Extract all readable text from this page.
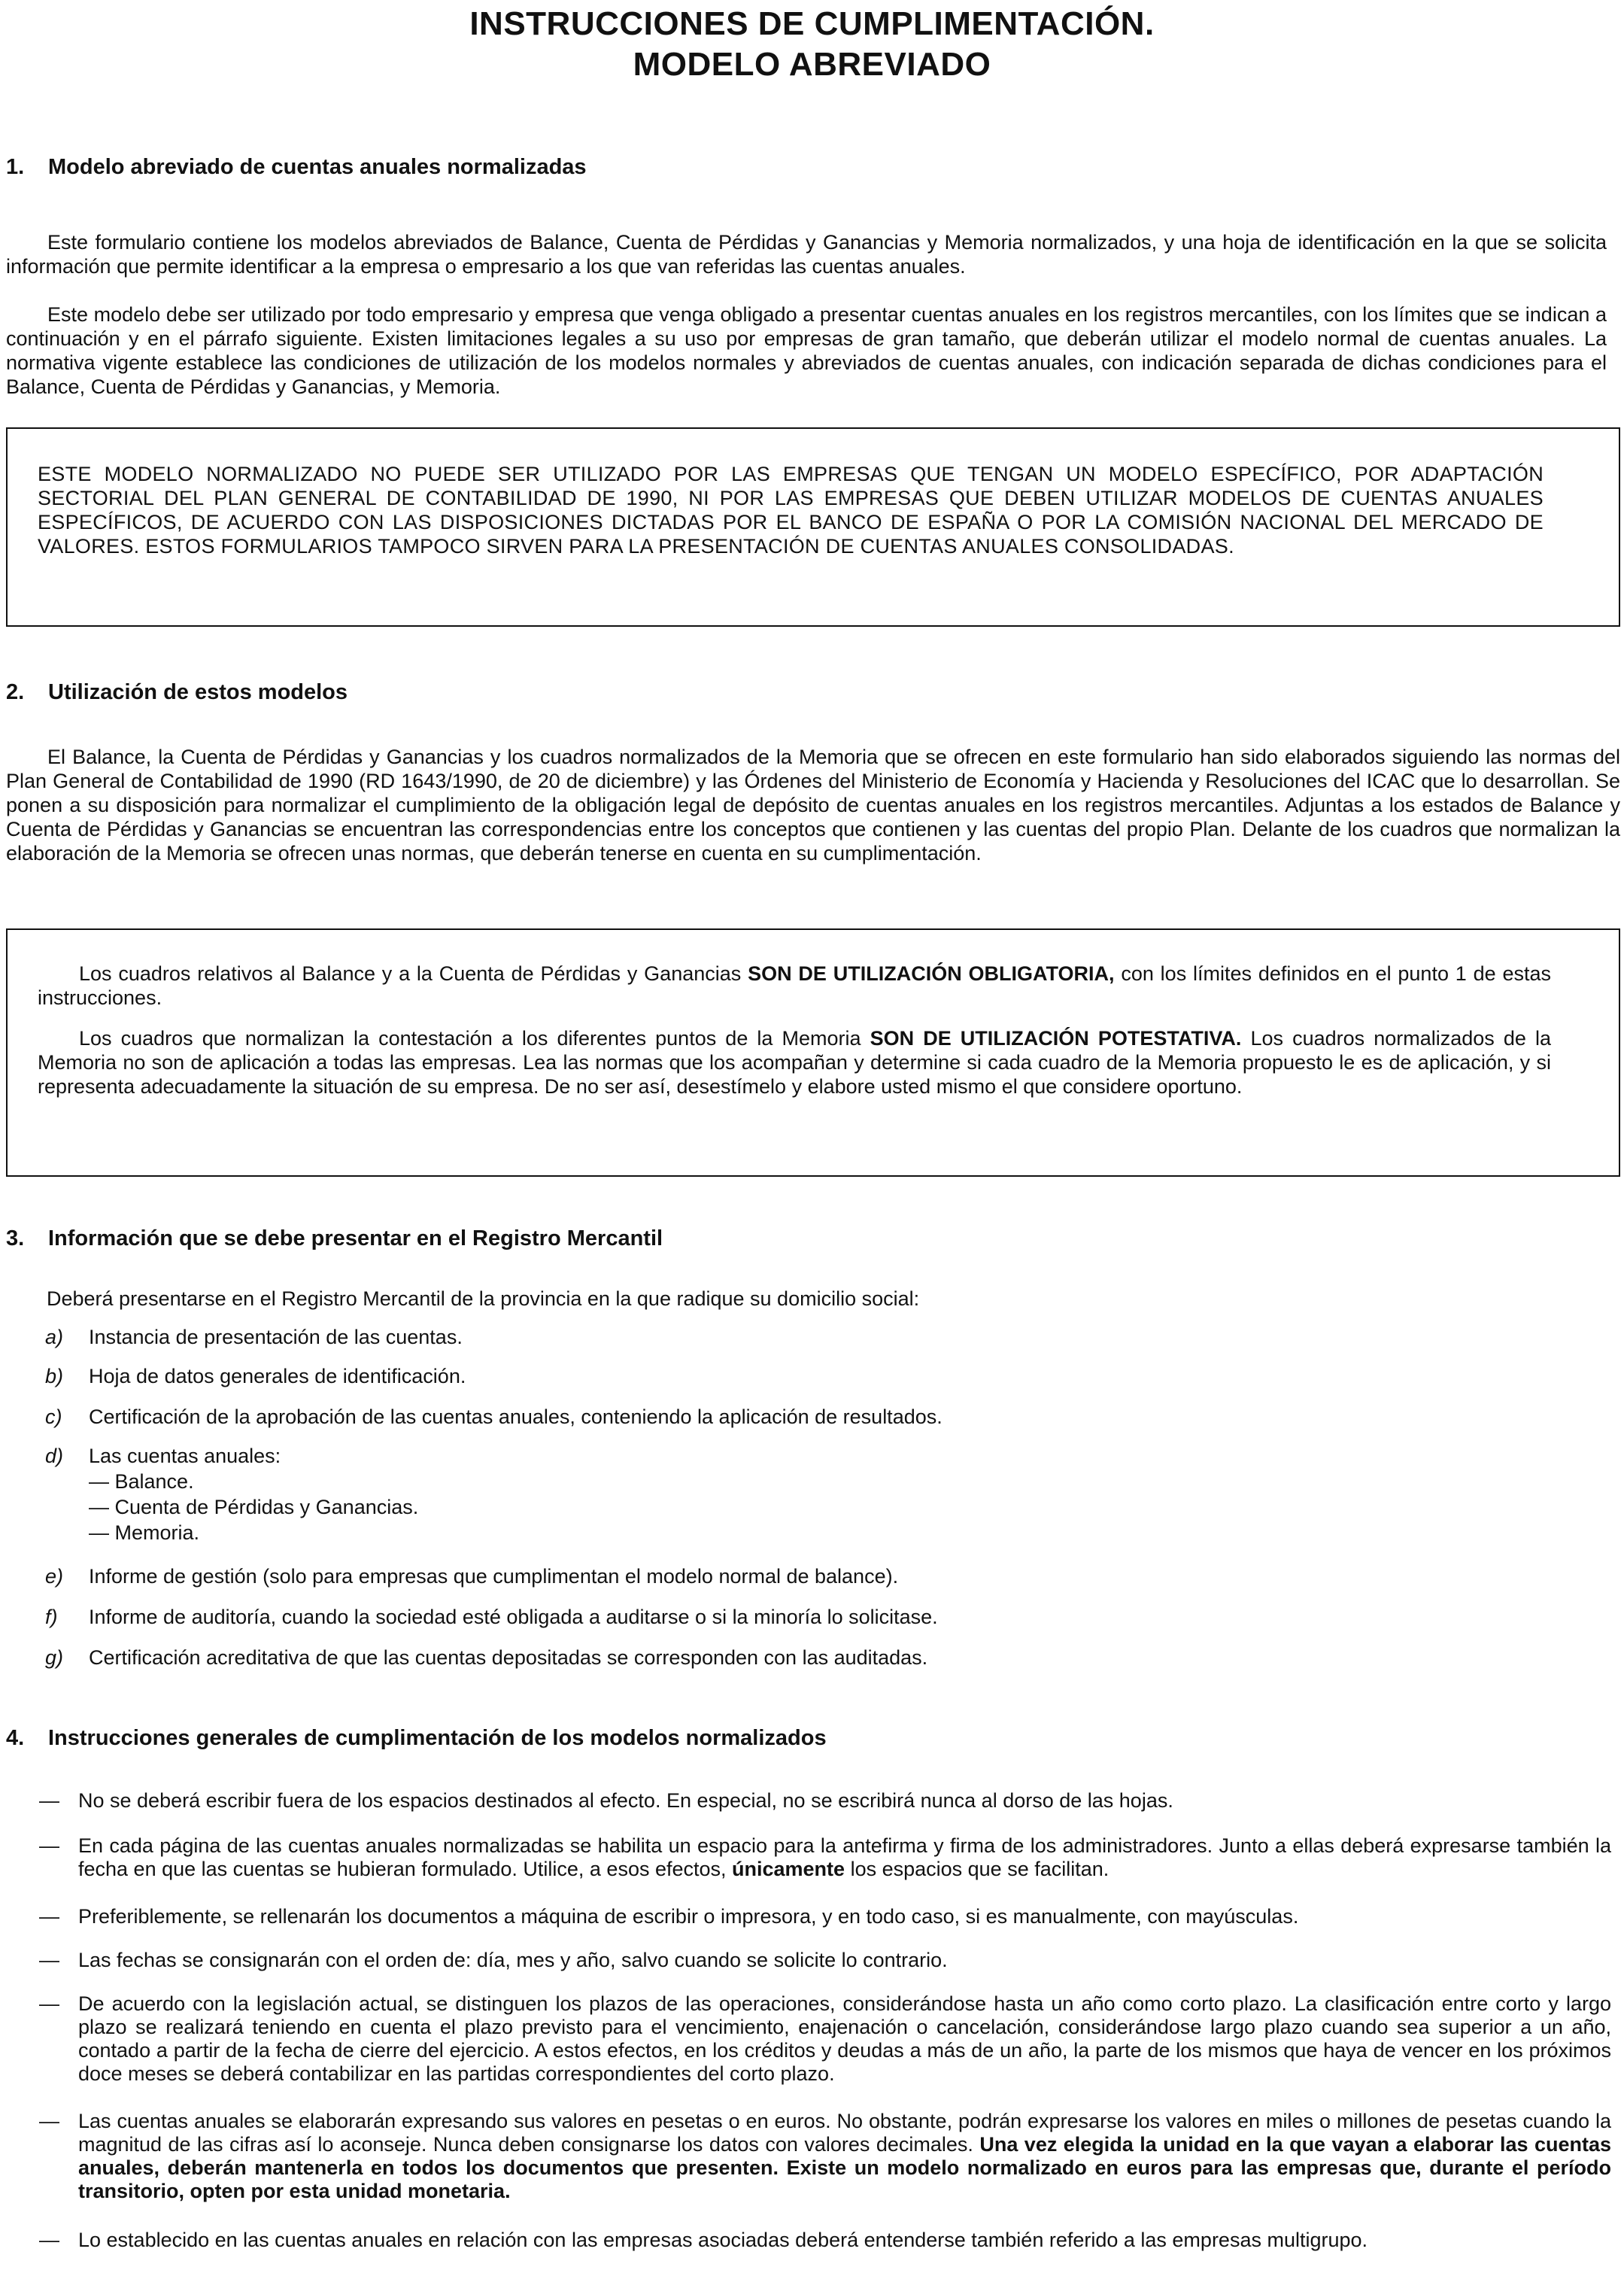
INSTRUCCIONES DE CUMPLIMENTACIÓN.
MODELO ABREVIADO
1. Modelo abreviado de cuentas anuales normalizadas

Este formulario contiene los modelos abreviados de Balance, Cuenta de Pérdidas y Ganancias y Memoria normalizados, y una hoja de identificación en la que se solicita información que permite identificar a la empresa o empresario a los que van referidas las cuentas anuales.

Este modelo debe ser utilizado por todo empresario y empresa que venga obligado a presentar cuentas anuales en los registros mercantiles, con los límites que se indican a continuación y en el párrafo siguiente. Existen limitaciones legales a su uso por empresas de gran tamaño, que deberán utilizar el modelo normal de cuentas anuales. La normativa vigente establece las condiciones de utilización de los modelos normales y abreviados de cuentas anuales, con indicación separada de dichas condiciones para el Balance, Cuenta de Pérdidas y Ganancias, y Memoria.

ESTE MODELO NORMALIZADO NO PUEDE SER UTILIZADO POR LAS EMPRESAS QUE TENGAN UN MODELO ESPECÍFICO, POR ADAPTACIÓN SECTORIAL DEL PLAN GENERAL DE CONTABILIDAD DE 1990, NI POR LAS EMPRESAS QUE DEBEN UTILIZAR MODELOS DE CUENTAS ANUALES ESPECÍFICOS, DE ACUERDO CON LAS DISPOSICIONES DICTADAS POR EL BANCO DE ESPAÑA O POR LA COMISIÓN NACIONAL DEL MERCADO DE VALORES. ESTOS FORMULARIOS TAMPOCO SIRVEN PARA LA PRESENTACIÓN DE CUENTAS ANUALES CONSOLIDADAS.
2. Utilización de estos modelos

El Balance, la Cuenta de Pérdidas y Ganancias y los cuadros normalizados de la Memoria que se ofrecen en este formulario han sido elaborados siguiendo las normas del Plan General de Contabilidad de 1990 (RD 1643/1990, de 20 de diciembre) y las Órdenes del Ministerio de Economía y Hacienda y Resoluciones del ICAC que lo desarrollan. Se ponen a su disposición para normalizar el cumplimiento de la obligación legal de depósito de cuentas anuales en los registros mercantiles. Adjuntas a los estados de Balance y Cuenta de Pérdidas y Ganancias se encuentran las correspondencias entre los conceptos que contienen y las cuentas del propio Plan. Delante de los cuadros que normalizan la elaboración de la Memoria se ofrecen unas normas, que deberán tenerse en cuenta en su cumplimentación.

Los cuadros relativos al Balance y a la Cuenta de Pérdidas y Ganancias SON DE UTILIZACIÓN OBLIGATORIA, con los límites definidos en el punto 1 de estas instrucciones.
Los cuadros que normalizan la contestación a los diferentes puntos de la Memoria SON DE UTILIZACIÓN POTESTATIVA. Los cuadros normalizados de la Memoria no son de aplicación a todas las empresas. Lea las normas que los acompañan y determine si cada cuadro de la Memoria propuesto le es de aplicación, y si representa adecuadamente la situación de su empresa. De no ser así, desestímelo y elabore usted mismo el que considere oportuno.
3. Información que se debe presentar en el Registro Mercantil
Deberá presentarse en el Registro Mercantil de la provincia en la que radique su domicilio social:
a) Instancia de presentación de las cuentas.
b) Hoja de datos generales de identificación.
c) Certificación de la aprobación de las cuentas anuales, conteniendo la aplicación de resultados.
d) Las cuentas anuales:
— Balance.
— Cuenta de Pérdidas y Ganancias.
— Memoria.
e) Informe de gestión (solo para empresas que cumplimentan el modelo normal de balance).
f) Informe de auditoría, cuando la sociedad esté obligada a auditarse o si la minoría lo solicitase.
g) Certificación acreditativa de que las cuentas depositadas se corresponden con las auditadas.
4. Instrucciones generales de cumplimentación de los modelos normalizados
— No se deberá escribir fuera de los espacios destinados al efecto. En especial, no se escribirá nunca al dorso de las hojas.
— En cada página de las cuentas anuales normalizadas se habilita un espacio para la antefirma y firma de los administradores. Junto a ellas deberá expresarse también la fecha en que las cuentas se hubieran formulado. Utilice, a esos efectos, únicamente los espacios que se facilitan.
— Preferiblemente, se rellenarán los documentos a máquina de escribir o impresora, y en todo caso, si es manualmente, con mayúsculas.
— Las fechas se consignarán con el orden de: día, mes y año, salvo cuando se solicite lo contrario.
— De acuerdo con la legislación actual, se distinguen los plazos de las operaciones, considerándose hasta un año como corto plazo. La clasificación entre corto y largo plazo se realizará teniendo en cuenta el plazo previsto para el vencimiento, enajenación o cancelación, considerándose largo plazo cuando sea superior a un año, contado a partir de la fecha de cierre del ejercicio. A estos efectos, en los créditos y deudas a más de un año, la parte de los mismos que haya de vencer en los próximos doce meses se deberá contabilizar en las partidas correspondientes del corto plazo.
— Las cuentas anuales se elaborarán expresando sus valores en pesetas o en euros. No obstante, podrán expresarse los valores en miles o millones de pesetas cuando la magnitud de las cifras así lo aconseje. Nunca deben consignarse los datos con valores decimales. Una vez elegida la unidad en la que vayan a elaborar las cuentas anuales, deberán mantenerla en todos los documentos que presenten. Existe un modelo normalizado en euros para las empresas que, durante el período transitorio, opten por esta unidad monetaria.
— Lo establecido en las cuentas anuales en relación con las empresas asociadas deberá entenderse también referido a las empresas multigrupo.
